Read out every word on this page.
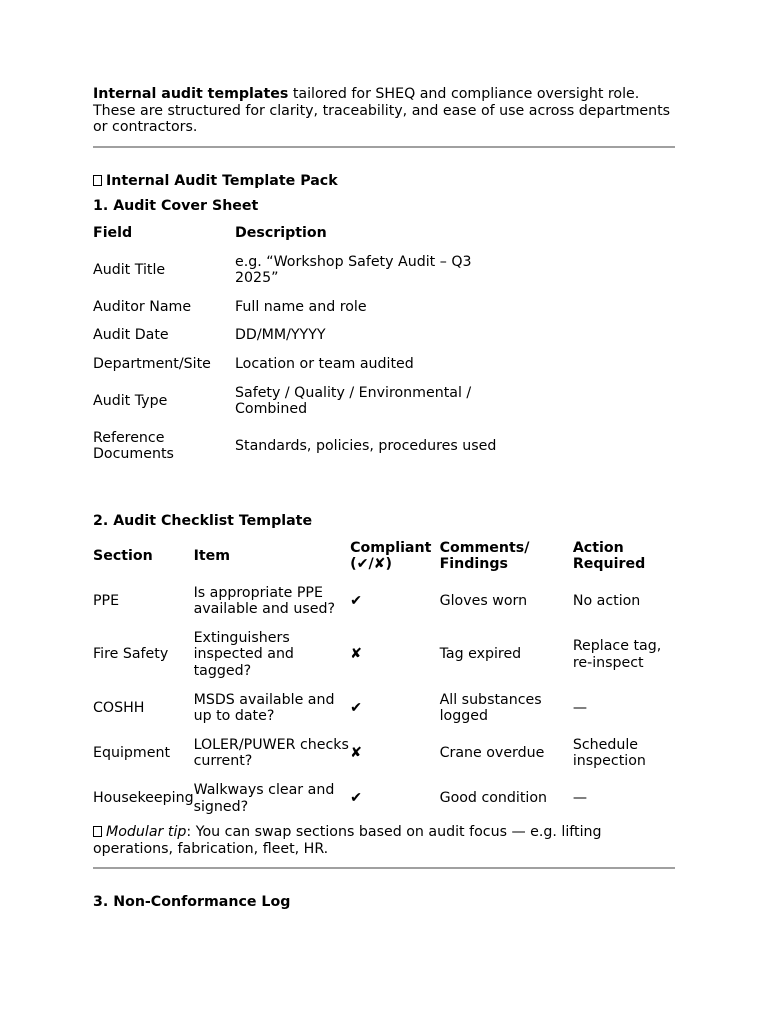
Internal audit templates tailored for SHEQ and compliance oversight role. These are structured for clarity, traceability, and ease of use across departments or contractors.

Internal Audit Template Pack

1. Audit Cover Sheet

Field	Description
Audit Title	e.g. “Workshop Safety Audit – Q3 2025”
Auditor Name	Full name and role
Audit Date	DD/MM/YYYY
Department/Site	Location or team audited
Audit Type	Safety / Quality / Environmental / Combined
Reference Documents	Standards, policies, procedures used

2. Audit Checklist Template

Section	Item	Compliant (✔/✘)	Comments/ Findings	Action Required
PPE	Is appropriate PPE available and used?	✔	Gloves worn	No action
Fire Safety	Extinguishers inspected and tagged?	✘	Tag expired	Replace tag, re-inspect
COSHH	MSDS available and up to date?	✔	All substances logged	—
Equipment	LOLER/PUWER checks current?	✘	Crane overdue	Schedule inspection
Housekeeping	Walkways clear and signed?	✔	Good condition	—

Modular tip: You can swap sections based on audit focus — e.g. lifting operations, fabrication, fleet, HR.

3. Non-Conformance Log
